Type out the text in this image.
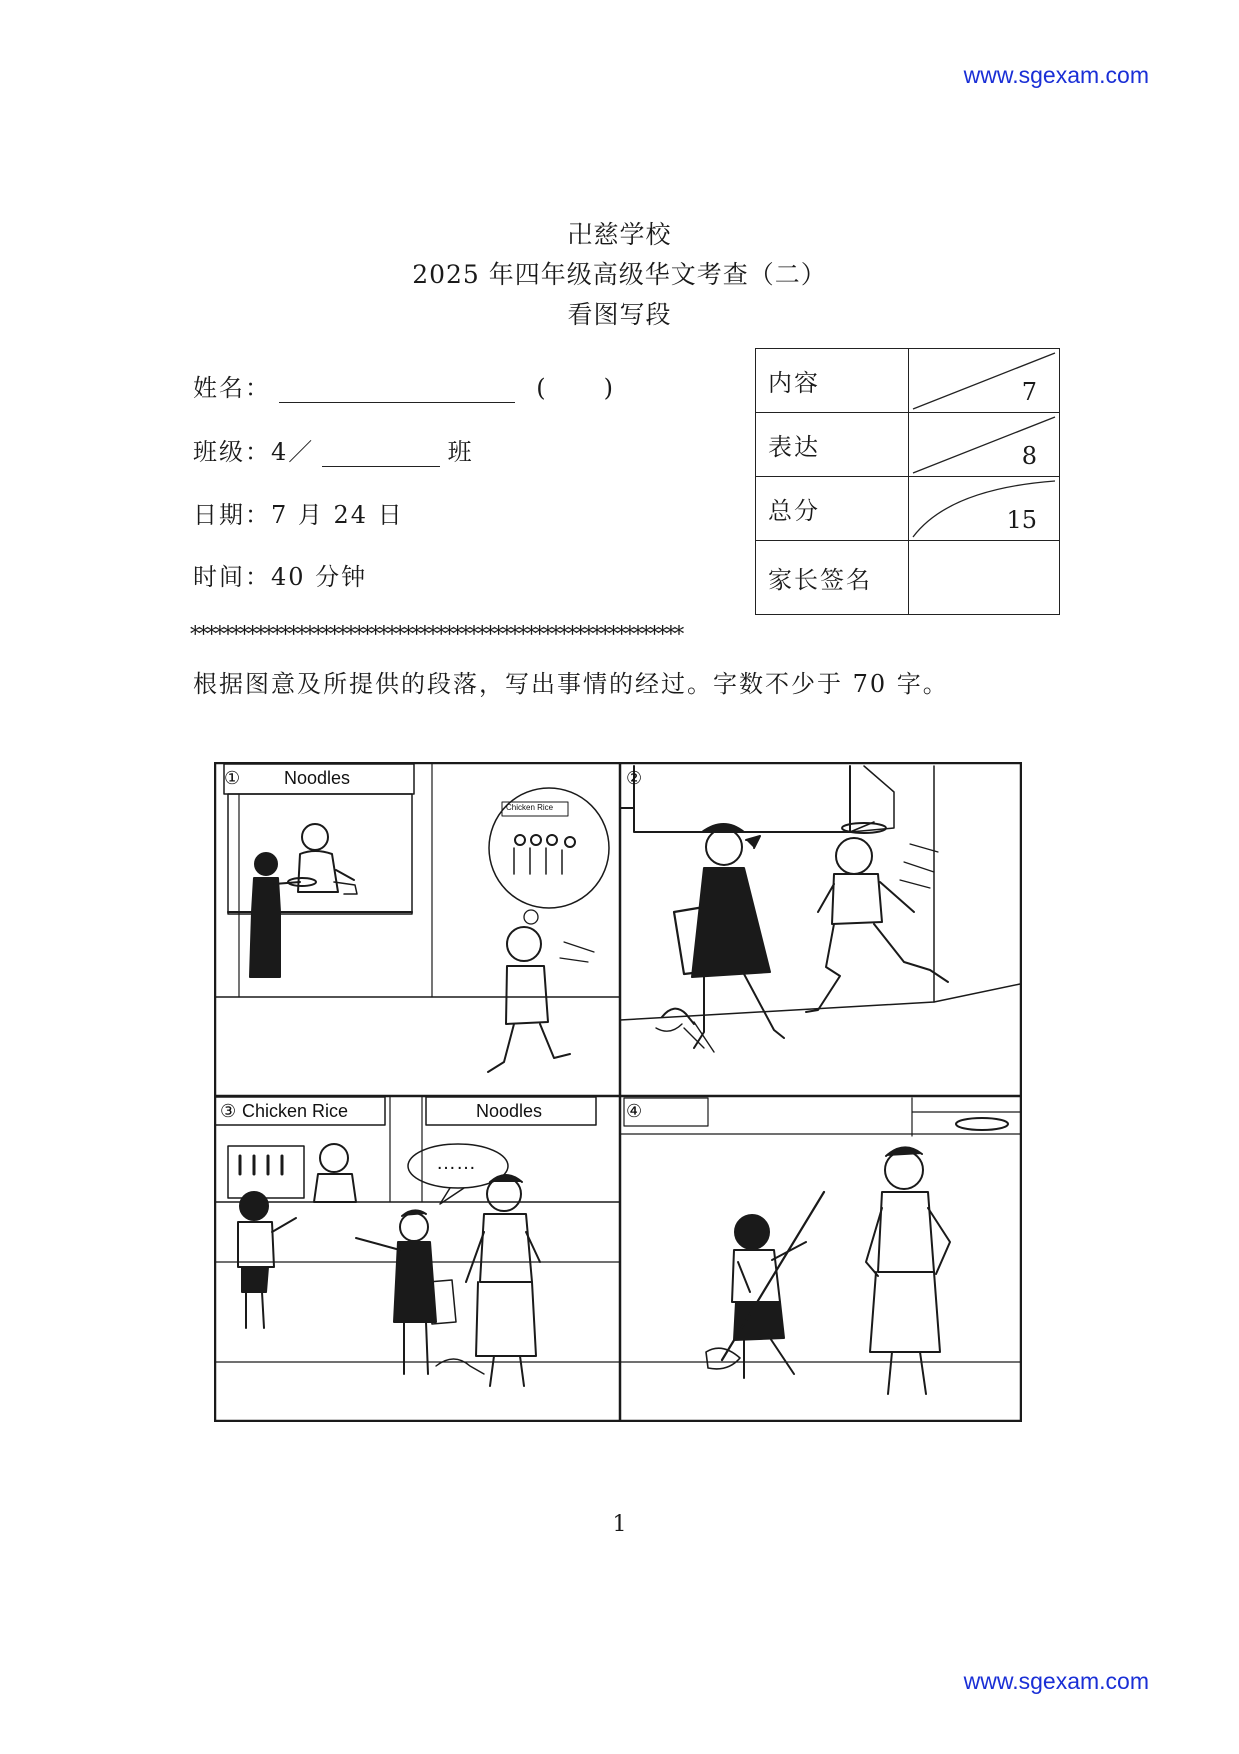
www.sgexam.com
卍慈学校
2025 年四年级高级华文考查（二）
看图写段
姓名：	( )
班级：4／	班
日期：7 月 24 日
时间：40 分钟
内容	7

表达	8

总分	15

家长签名	
************************************************************
根据图意及所提供的段落，写出事情的经过。字数不少于 70 字。
① Noodles
Chicken Rice
②
③ Chicken Rice	Noodles
……
④
1
www.sgexam.com
